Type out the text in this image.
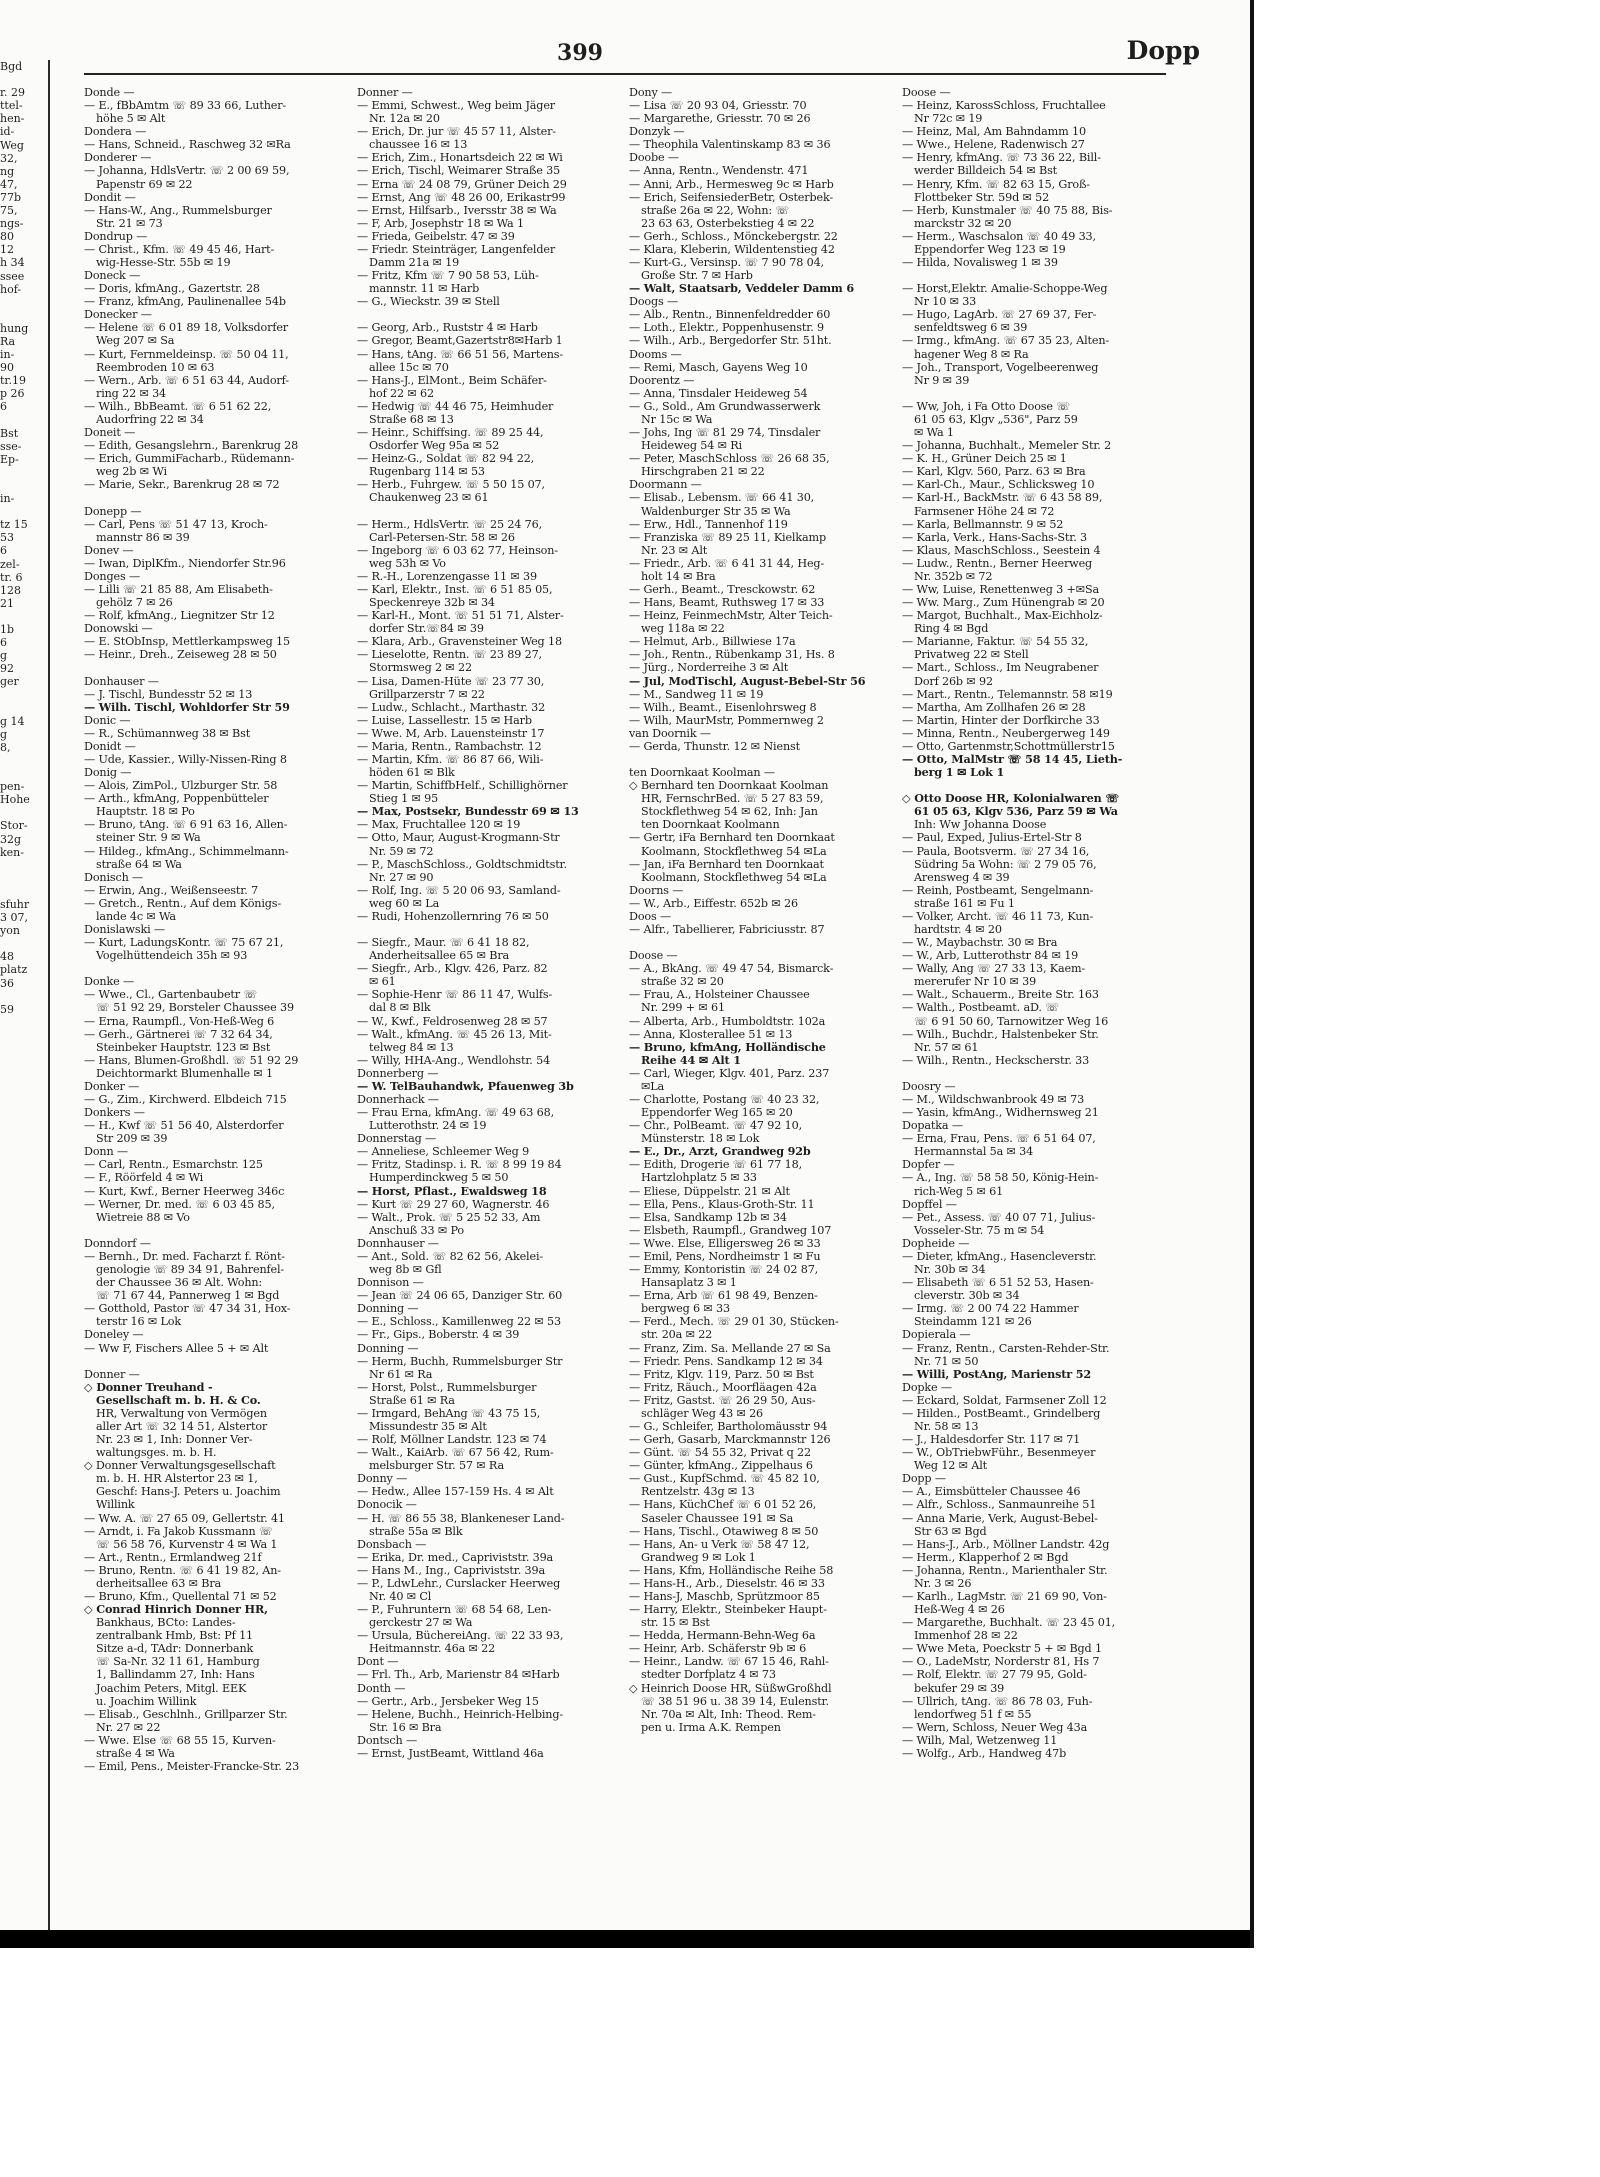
Bgd
r. 29
ttel-
hen-
id-
Weg
32,
ng
47,
77b
75,
ngs-
80
12
h 34
ssee
hof-
hung
Ra
in-
90
tr.19
p 26
6
Bst
sse-
Ep-
in-
tz 15
53
6
zel-
tr. 6
128
21
1b
6
g
92
ger
g 14
g
8,
pen-
Hohe
Stor-
32g
ken-
sfuhr
3 07,
yon
48
platz
36
59
399	Dopp
Donde —
— E., fBbAmtm ☏ 89 33 66, Luther-
höhe 5 ✉ Alt
Dondera —
— Hans, Schneid., Raschweg 32 ✉Ra
Donderer —
— Johanna, HdlsVertr. ☏ 2 00 69 59,
Papenstr 69 ✉ 22
Dondit —
— Hans-W., Ang., Rummelsburger
Str. 21 ✉ 73
Dondrup —
— Christ., Kfm. ☏ 49 45 46, Hart-
wig-Hesse-Str. 55b ✉ 19
Doneck —
— Doris, kfmAng., Gazertstr. 28
— Franz, kfmAng, Paulinenallee 54b
Donecker —
— Helene ☏ 6 01 89 18, Volksdorfer
Weg 207 ✉ Sa
— Kurt, Fernmeldeinsp. ☏ 50 04 11,
Reembroden 10 ✉ 63
— Wern., Arb. ☏ 6 51 63 44, Audorf-
ring 22 ✉ 34
— Wilh., BbBeamt. ☏ 6 51 62 22,
Audorfring 22 ✉ 34
Doneit —
— Edith, Gesangslehrn., Barenkrug 28
— Erich, GummiFacharb., Rüdemann-
weg 2b ✉ Wi
— Marie, Sekr., Barenkrug 28 ✉ 72
Donepp —
— Carl, Pens ☏ 51 47 13, Kroch-
mannstr 86 ✉ 39
Donev —
— Iwan, DiplKfm., Niendorfer Str.96
Donges —
— Lilli ☏ 21 85 88, Am Elisabeth-
gehölz 7 ✉ 26
— Rolf, kfmAng., Liegnitzer Str 12
Donowski —
— E. StObInsp, Mettlerkampsweg 15
— Heinr., Dreh., Zeiseweg 28 ✉ 50
Donhauser —
— J. Tischl, Bundesstr 52 ✉ 13
— Wilh. Tischl, Wohldorfer Str 59
Donic —
— R., Schümannweg 38 ✉ Bst
Donidt —
— Ude, Kassier., Willy-Nissen-Ring 8
Donig —
— Alois, ZimPol., Ulzburger Str. 58
— Arth., kfmAng, Poppenbütteler
Hauptstr. 18 ✉ Po
— Bruno, tAng. ☏ 6 91 63 16, Allen-
steiner Str. 9 ✉ Wa
— Hildeg., kfmAng., Schimmelmann-
straße 64 ✉ Wa
Donisch —
— Erwin, Ang., Weißenseestr. 7
— Gretch., Rentn., Auf dem Königs-
lande 4c ✉ Wa
Donislawski —
— Kurt, LadungsKontr. ☏ 75 67 21,
Vogelhüttendeich 35h ✉ 93
Donke —
— Wwe., Cl., Gartenbaubetr ☏
☏ 51 92 29, Borsteler Chaussee 39
— Erna, Raumpfl., Von-Heß-Weg 6
— Gerh., Gärtnerei ☏ 7 32 64 34,
Steinbeker Hauptstr. 123 ✉ Bst
— Hans, Blumen-Großhdl. ☏ 51 92 29
Deichtormarkt Blumenhalle ✉ 1
Donker —
— G., Zim., Kirchwerd. Elbdeich 715
Donkers —
— H., Kwf ☏ 51 56 40, Alsterdorfer
Str 209 ✉ 39
Donn —
— Carl, Rentn., Esmarchstr. 125
— F., Röörfeld 4 ✉ Wi
— Kurt, Kwf., Berner Heerweg 346c
— Werner, Dr. med. ☏ 6 03 45 85,
Wietreie 88 ✉ Vo
Donndorf —
— Bernh., Dr. med. Facharzt f. Rönt-
genologie ☏ 89 34 91, Bahrenfel-
der Chaussee 36 ✉ Alt. Wohn:
☏ 71 67 44, Pannerweg 1 ✉ Bgd
— Gotthold, Pastor ☏ 47 34 31, Hox-
terstr 16 ✉ Lok
Doneley —
— Ww F, Fischers Allee 5 + ✉ Alt
Donner —
◇ Donner Treuhand -
Gesellschaft m. b. H. & Co.
HR, Verwaltung von Vermögen
aller Art ☏ 32 14 51, Alstertor
Nr. 23 ✉ 1, Inh: Donner Ver-
waltungsges. m. b. H.
◇ Donner Verwaltungsgesellschaft
m. b. H. HR Alstertor 23 ✉ 1,
Geschf: Hans-J. Peters u. Joachim
Willink
— Ww. A. ☏ 27 65 09, Gellertstr. 41
— Arndt, i. Fa Jakob Kussmann ☏
☏ 56 58 76, Kurvenstr 4 ✉ Wa 1
— Art., Rentn., Ermlandweg 21f
— Bruno, Rentn. ☏ 6 41 19 82, An-
derheitsallee 63 ✉ Bra
— Bruno, Kfm., Quellental 71 ✉ 52
◇ Conrad Hinrich Donner HR,
Bankhaus, BCto: Landes-
zentralbank Hmb, Bst: Pf 11
Sitze a-d, TAdr: Donnerbank
☏ Sa-Nr. 32 11 61, Hamburg
1, Ballindamm 27, Inh: Hans
Joachim Peters, Mitgl. EEK
u. Joachim Willink
— Elisab., Geschlnh., Grillparzer Str.
Nr. 27 ✉ 22
— Wwe. Else ☏ 68 55 15, Kurven-
straße 4 ✉ Wa
— Emil, Pens., Meister-Francke-Str. 23
Donner —
— Emmi, Schwest., Weg beim Jäger
Nr. 12a ✉ 20
— Erich, Dr. jur ☏ 45 57 11, Alster-
chaussee 16 ✉ 13
— Erich, Zim., Honartsdeich 22 ✉ Wi
— Erich, Tischl, Weimarer Straße 35
— Erna ☏ 24 08 79, Grüner Deich 29
— Ernst, Ang ☏ 48 26 00, Erikastr99
— Ernst, Hilfsarb., Iversstr 38 ✉ Wa
— F, Arb, Josephstr 18 ✉ Wa 1
— Frieda, Geibelstr. 47 ✉ 39
— Friedr. Steinträger, Langenfelder
Damm 21a ✉ 19
— Fritz, Kfm ☏ 7 90 58 53, Lüh-
mannstr. 11 ✉ Harb
— G., Wieckstr. 39 ✉ Stell
— Georg, Arb., Ruststr 4 ✉ Harb
— Gregor, Beamt,Gazertstr8✉Harb 1
— Hans, tAng. ☏ 66 51 56, Martens-
allee 15c ✉ 70
— Hans-J., ElMont., Beim Schäfer-
hof 22 ✉ 62
— Hedwig ☏ 44 46 75, Heimhuder
Straße 68 ✉ 13
— Heinr., Schiffsing. ☏ 89 25 44,
Osdorfer Weg 95a ✉ 52
— Heinz-G., Soldat ☏ 82 94 22,
Rugenbarg 114 ✉ 53
— Herb., Fuhrgew. ☏ 5 50 15 07,
Chaukenweg 23 ✉ 61
— Herm., HdlsVertr. ☏ 25 24 76,
Carl-Petersen-Str. 58 ✉ 26
— Ingeborg ☏ 6 03 62 77, Heinson-
weg 53h ✉ Vo
— R.-H., Lorenzengasse 11 ✉ 39
— Karl, Elektr., Inst. ☏ 6 51 85 05,
Speckenreye 32b ✉ 34
— Karl-H., Mont. ☏ 51 51 71, Alster-
dorfer Str.☏84 ✉ 39
— Klara, Arb., Gravensteiner Weg 18
— Lieselotte, Rentn. ☏ 23 89 27,
Stormsweg 2 ✉ 22
— Lisa, Damen-Hüte ☏ 23 77 30,
Grillparzerstr 7 ✉ 22
— Ludw., Schlacht., Marthastr. 32
— Luise, Lassellestr. 15 ✉ Harb
— Wwe. M, Arb. Lauensteinstr 17
— Maria, Rentn., Rambachstr. 12
— Martin, Kfm. ☏ 86 87 66, Wili-
höden 61 ✉ Blk
— Martin, SchiffbHelf., Schillighörner
Stieg 1 ✉ 95
— Max, Postsekr, Bundesstr 69 ✉ 13
— Max, Fruchtallee 120 ✉ 19
— Otto, Maur, August-Krogmann-Str
Nr. 59 ✉ 72
— P., MaschSchloss., Goldtschmidtstr.
Nr. 27 ✉ 90
— Rolf, Ing. ☏ 5 20 06 93, Samland-
weg 60 ✉ La
— Rudi, Hohenzollernring 76 ✉ 50
— Siegfr., Maur. ☏ 6 41 18 82,
Anderheitsallee 65 ✉ Bra
— Siegfr., Arb., Klgv. 426, Parz. 82
✉ 61
— Sophie-Henr ☏ 86 11 47, Wulfs-
dal 8 ✉ Blk
— W., Kwf., Feldrosenweg 28 ✉ 57
— Walt., kfmAng. ☏ 45 26 13, Mit-
telweg 84 ✉ 13
— Willy, HHA-Ang., Wendlohstr. 54
Donnerberg —
— W. TelBauhandwk, Pfauenweg 3b
Donnerhack —
— Frau Erna, kfmAng. ☏ 49 63 68,
Lutterothstr. 24 ✉ 19
Donnerstag —
— Anneliese, Schleemer Weg 9
— Fritz, Stadinsp. i. R. ☏ 8 99 19 84
Humperdinckweg 5 ✉ 50
— Horst, Pflast., Ewaldsweg 18
— Kurt ☏ 29 27 60, Wagnerstr. 46
— Walt., Prok. ☏ 5 25 52 33, Am
Anschuß 33 ✉ Po
Donnhauser —
— Ant., Sold. ☏ 82 62 56, Akelei-
weg 8b ✉ Gfl
Donnison —
— Jean ☏ 24 06 65, Danziger Str. 60
Donning —
— E., Schloss., Kamillenweg 22 ✉ 53
— Fr., Gips., Boberstr. 4 ✉ 39
Donning —
— Herm, Buchh, Rummelsburger Str
Nr 61 ✉ Ra
— Horst, Polst., Rummelsburger
Straße 61 ✉ Ra
— Irmgard, BehAng ☏ 43 75 15,
Missundestr 35 ✉ Alt
— Rolf, Möllner Landstr. 123 ✉ 74
— Walt., KaiArb. ☏ 67 56 42, Rum-
melsburger Str. 57 ✉ Ra
Donny —
— Hedw., Allee 157-159 Hs. 4 ✉ Alt
Donocik —
— H. ☏ 86 55 38, Blankeneser Land-
straße 55a ✉ Blk
Donsbach —
— Erika, Dr. med., Capriviststr. 39a
— Hans M., Ing., Capriviststr. 39a
— P., LdwLehr., Curslacker Heerweg
Nr. 40 ✉ Cl
— P., Fuhruntern ☏ 68 54 68, Len-
gerckestr 27 ✉ Wa
— Ursula, BüchereiAng. ☏ 22 33 93,
Heitmannstr. 46a ✉ 22
Dont —
— Frl. Th., Arb, Marienstr 84 ✉Harb
Donth —
— Gertr., Arb., Jersbeker Weg 15
— Helene, Buchh., Heinrich-Helbing-
Str. 16 ✉ Bra
Dontsch —
— Ernst, JustBeamt, Wittland 46a
Dony —
— Lisa ☏ 20 93 04, Griesstr. 70
— Margarethe, Griesstr. 70 ✉ 26
Donzyk —
— Theophila Valentinskamp 83 ✉ 36
Doobe —
— Anna, Rentn., Wendenstr. 471
— Anni, Arb., Hermesweg 9c ✉ Harb
— Erich, SeifensiederBetr, Osterbek-
straße 26a ✉ 22, Wohn: ☏
23 63 63, Osterbekstieg 4 ✉ 22
— Gerh., Schloss., Mönckebergstr. 22
— Klara, Kleberin, Wildentenstieg 42
— Kurt-G., Versinsp. ☏ 7 90 78 04,
Große Str. 7 ✉ Harb
— Walt, Staatsarb, Veddeler Damm 6
Doogs —
— Alb., Rentn., Binnenfeldredder 60
— Loth., Elektr., Poppenhusenstr. 9
— Wilh., Arb., Bergedorfer Str. 51ht.
Dooms —
— Remi, Masch, Gayens Weg 10
Doorentz —
— Anna, Tinsdaler Heideweg 54
— G., Sold., Am Grundwasserwerk
Nr 15c ✉ Wa
— Johs, Ing ☏ 81 29 74, Tinsdaler
Heideweg 54 ✉ Ri
— Peter, MaschSchloss ☏ 26 68 35,
Hirschgraben 21 ✉ 22
Doormann —
— Elisab., Lebensm. ☏ 66 41 30,
Waldenburger Str 35 ✉ Wa
— Erw., Hdl., Tannenhof 119
— Franziska ☏ 89 25 11, Kielkamp
Nr. 23 ✉ Alt
— Friedr., Arb. ☏ 6 41 31 44, Heg-
holt 14 ✉ Bra
— Gerh., Beamt., Tresckowstr. 62
— Hans, Beamt, Ruthsweg 17 ✉ 33
— Heinz, FeinmechMstr, Alter Teich-
weg 118a ✉ 22
— Helmut, Arb., Billwiese 17a
— Joh., Rentn., Rübenkamp 31, Hs. 8
— Jürg., Norderreihe 3 ✉ Alt
— Jul, ModTischl, August-Bebel-Str 56
— M., Sandweg 11 ✉ 19
— Wilh., Beamt., Eisenlohrsweg 8
— Wilh, MaurMstr, Pommernweg 2
van Doornik —
— Gerda, Thunstr. 12 ✉ Nienst
ten Doornkaat Koolman —
◇ Bernhard ten Doornkaat Koolman
HR, FernschrBed. ☏ 5 27 83 59,
Stockflethweg 54 ✉ 62, Inh: Jan
ten Doornkaat Koolmann
— Gertr, iFa Bernhard ten Doornkaat
Koolmann, Stockflethweg 54 ✉La
— Jan, iFa Bernhard ten Doornkaat
Koolmann, Stockflethweg 54 ✉La
Doorns —
— W., Arb., Eiffestr. 652b ✉ 26
Doos —
— Alfr., Tabellierer, Fabriciusstr. 87
Doose —
— A., BkAng. ☏ 49 47 54, Bismarck-
straße 32 ✉ 20
— Frau, A., Holsteiner Chaussee
Nr. 299 + ✉ 61
— Alberta, Arb., Humboldtstr. 102a
— Anna, Klosterallee 51 ✉ 13
— Bruno, kfmAng, Holländische
Reihe 44 ✉ Alt 1
— Carl, Wieger, Klgv. 401, Parz. 237
✉La
— Charlotte, Postang ☏ 40 23 32,
Eppendorfer Weg 165 ✉ 20
— Chr., PolBeamt. ☏ 47 92 10,
Münsterstr. 18 ✉ Lok
— E., Dr., Arzt, Grandweg 92b
— Edith, Drogerie ☏ 61 77 18,
Hartzlohplatz 5 ✉ 33
— Eliese, Düppelstr. 21 ✉ Alt
— Ella, Pens., Klaus-Groth-Str. 11
— Elsa, Sandkamp 12b ✉ 34
— Elsbeth, Raumpfl., Grandweg 107
— Wwe. Else, Elligersweg 26 ✉ 33
— Emil, Pens, Nordheimstr 1 ✉ Fu
— Emmy, Kontoristin ☏ 24 02 87,
Hansaplatz 3 ✉ 1
— Erna, Arb ☏ 61 98 49, Benzen-
bergweg 6 ✉ 33
— Ferd., Mech. ☏ 29 01 30, Stücken-
str. 20a ✉ 22
— Franz, Zim. Sa. Mellande 27 ✉ Sa
— Friedr. Pens. Sandkamp 12 ✉ 34
— Fritz, Klgv. 119, Parz. 50 ✉ Bst
— Fritz, Räuch., Moorfläagen 42a
— Fritz, Gastst. ☏ 26 29 50, Aus-
schläger Weg 43 ✉ 26
— G., Schleifer, Bartholomäusstr 94
— Gerh, Gasarb, Marckmannstr 126
— Günt. ☏ 54 55 32, Privat q 22
— Günter, kfmAng., Zippelhaus 6
— Gust., KupfSchmd. ☏ 45 82 10,
Rentzelstr. 43g ✉ 13
— Hans, KüchChef ☏ 6 01 52 26,
Saseler Chaussee 191 ✉ Sa
— Hans, Tischl., Otawiweg 8 ✉ 50
— Hans, An- u Verk ☏ 58 47 12,
Grandweg 9 ✉ Lok 1
— Hans, Kfm, Holländische Reihe 58
— Hans-H., Arb., Dieselstr. 46 ✉ 33
— Hans-J, Maschb, Sprützmoor 85
— Harry, Elektr., Steinbeker Haupt-
str. 15 ✉ Bst
— Hedda, Hermann-Behn-Weg 6a
— Heinr, Arb. Schäferstr 9b ✉ 6
— Heinr., Landw. ☏ 67 15 46, Rahl-
stedter Dorfplatz 4 ✉ 73
◇ Heinrich Doose HR, SüßwGroßhdl
☏ 38 51 96 u. 38 39 14, Eulenstr.
Nr. 70a ✉ Alt, Inh: Theod. Rem-
pen u. Irma A.K. Rempen
Doose —
— Heinz, KarossSchloss, Fruchtallee
Nr 72c ✉ 19
— Heinz, Mal, Am Bahndamm 10
— Wwe., Helene, Radenwisch 27
— Henry, kfmAng. ☏ 73 36 22, Bill-
werder Billdeich 54 ✉ Bst
— Henry, Kfm. ☏ 82 63 15, Groß-
Flottbeker Str. 59d ✉ 52
— Herb, Kunstmaler ☏ 40 75 88, Bis-
marckstr 32 ✉ 20
— Herm., Waschsalon ☏ 40 49 33,
Eppendorfer Weg 123 ✉ 19
— Hilda, Novalisweg 1 ✉ 39
— Horst,Elektr. Amalie-Schoppe-Weg
Nr 10 ✉ 33
— Hugo, LagArb. ☏ 27 69 37, Fer-
senfeldtsweg 6 ✉ 39
— Irmg., kfmAng. ☏ 67 35 23, Alten-
hagener Weg 8 ✉ Ra
— Joh., Transport, Vogelbeerenweg
Nr 9 ✉ 39
— Ww, Joh, i Fa Otto Doose ☏
61 05 63, Klgv „536", Parz 59
✉ Wa 1
— Johanna, Buchhalt., Memeler Str. 2
— K. H., Grüner Deich 25 ✉ 1
— Karl, Klgv. 560, Parz. 63 ✉ Bra
— Karl-Ch., Maur., Schlicksweg 10
— Karl-H., BackMstr. ☏ 6 43 58 89,
Farmsener Höhe 24 ✉ 72
— Karla, Bellmannstr. 9 ✉ 52
— Karla, Verk., Hans-Sachs-Str. 3
— Klaus, MaschSchloss., Seestein 4
— Ludw., Rentn., Berner Heerweg
Nr. 352b ✉ 72
— Ww, Luise, Renettenweg 3 +✉Sa
— Ww. Marg., Zum Hünengrab ✉ 20
— Margot, Buchhalt., Max-Eichholz-
Ring 4 ✉ Bgd
— Marianne, Faktur. ☏ 54 55 32,
Privatweg 22 ✉ Stell
— Mart., Schloss., Im Neugrabener
Dorf 26b ✉ 92
— Mart., Rentn., Telemannstr. 58 ✉19
— Martha, Am Zollhafen 26 ✉ 28
— Martin, Hinter der Dorfkirche 33
— Minna, Rentn., Neubergerweg 149
— Otto, Gartenmstr,Schottmüllerstr15
— Otto, MalMstr ☏ 58 14 45, Lieth-
berg 1 ✉ Lok 1
◇ Otto Doose HR, Kolonialwaren ☏
61 05 63, Klgv 536, Parz 59 ✉ Wa
Inh: Ww Johanna Doose
— Paul, Exped, Julius-Ertel-Str 8
— Paula, Bootsverm. ☏ 27 34 16,
Südring 5a Wohn: ☏ 2 79 05 76,
Arensweg 4 ✉ 39
— Reinh, Postbeamt, Sengelmann-
straße 161 ✉ Fu 1
— Volker, Archt. ☏ 46 11 73, Kun-
hardtstr. 4 ✉ 20
— W., Maybachstr. 30 ✉ Bra
— W., Arb, Lutterothstr 84 ✉ 19
— Wally, Ang ☏ 27 33 13, Kaem-
mererufer Nr 10 ✉ 39
— Walt., Schauerm., Breite Str. 163
— Walth., Postbeamt. aD. ☏
☏ 6 91 50 60, Tarnowitzer Weg 16
— Wilh., Buchdr., Halstenbeker Str.
Nr. 57 ✉ 61
— Wilh., Rentn., Heckscherstr. 33
Doosry —
— M., Wildschwanbrook 49 ✉ 73
— Yasin, kfmAng., Widhernsweg 21
Dopatka —
— Erna, Frau, Pens. ☏ 6 51 64 07,
Hermannstal 5a ✉ 34
Dopfer —
— A., Ing. ☏ 58 58 50, König-Hein-
rich-Weg 5 ✉ 61
Dopffel —
— Pet., Assess. ☏ 40 07 71, Julius-
Vosseler-Str. 75 m ✉ 54
Dopheide —
— Dieter, kfmAng., Hasencleverstr.
Nr. 30b ✉ 34
— Elisabeth ☏ 6 51 52 53, Hasen-
cleverstr. 30b ✉ 34
— Irmg. ☏ 2 00 74 22 Hammer
Steindamm 121 ✉ 26
Dopierala —
— Franz, Rentn., Carsten-Rehder-Str.
Nr. 71 ✉ 50
— Willi, PostAng, Marienstr 52
Dopke —
— Eckard, Soldat, Farmsener Zoll 12
— Hilden., PostBeamt., Grindelberg
Nr. 58 ✉ 13
— J., Haldesdorfer Str. 117 ✉ 71
— W., ObTriebwFühr., Besenmeyer
Weg 12 ✉ Alt
Dopp —
— A., Eimsbütteler Chaussee 46
— Alfr., Schloss., Sanmaunreihe 51
— Anna Marie, Verk, August-Bebel-
Str 63 ✉ Bgd
— Hans-J., Arb., Möllner Landstr. 42g
— Herm., Klapperhof 2 ✉ Bgd
— Johanna, Rentn., Marienthaler Str.
Nr. 3 ✉ 26
— Karlh., LagMstr. ☏ 21 69 90, Von-
Heß-Weg 4 ✉ 26
— Margarethe, Buchhalt. ☏ 23 45 01,
Immenhof 28 ✉ 22
— Wwe Meta, Poeckstr 5 + ✉ Bgd 1
— O., LadeMstr, Norderstr 81, Hs 7
— Rolf, Elektr. ☏ 27 79 95, Gold-
bekufer 29 ✉ 39
— Ullrich, tAng. ☏ 86 78 03, Fuh-
lendorfweg 51 f ✉ 55
— Wern, Schloss, Neuer Weg 43a
— Wilh, Mal, Wetzenweg 11
— Wolfg., Arb., Handweg 47b
